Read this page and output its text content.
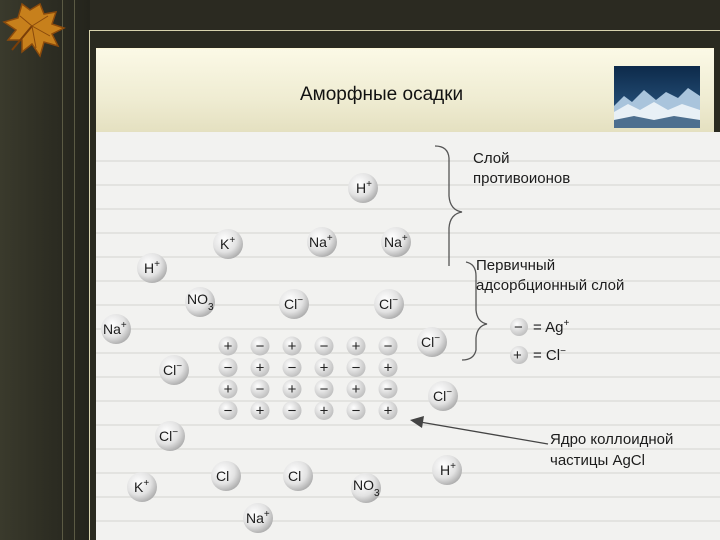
Аморфные осадки
H+
K+	Na+	Na+
H+
$NO_3$	Cl−	Cl−
Na+
Cl−
Cl−
Cl−
Cl−
H+
K+	Cl	Cl
$NO_3$
Na+
+ − + − + −
− + − + − +
+ − + − + −
− + − + − +
Слой
противоионов
Первичный
адсорбционный слой
− = Ag+
+ = Cl−
Ядро коллоидной
частицы AgCl
